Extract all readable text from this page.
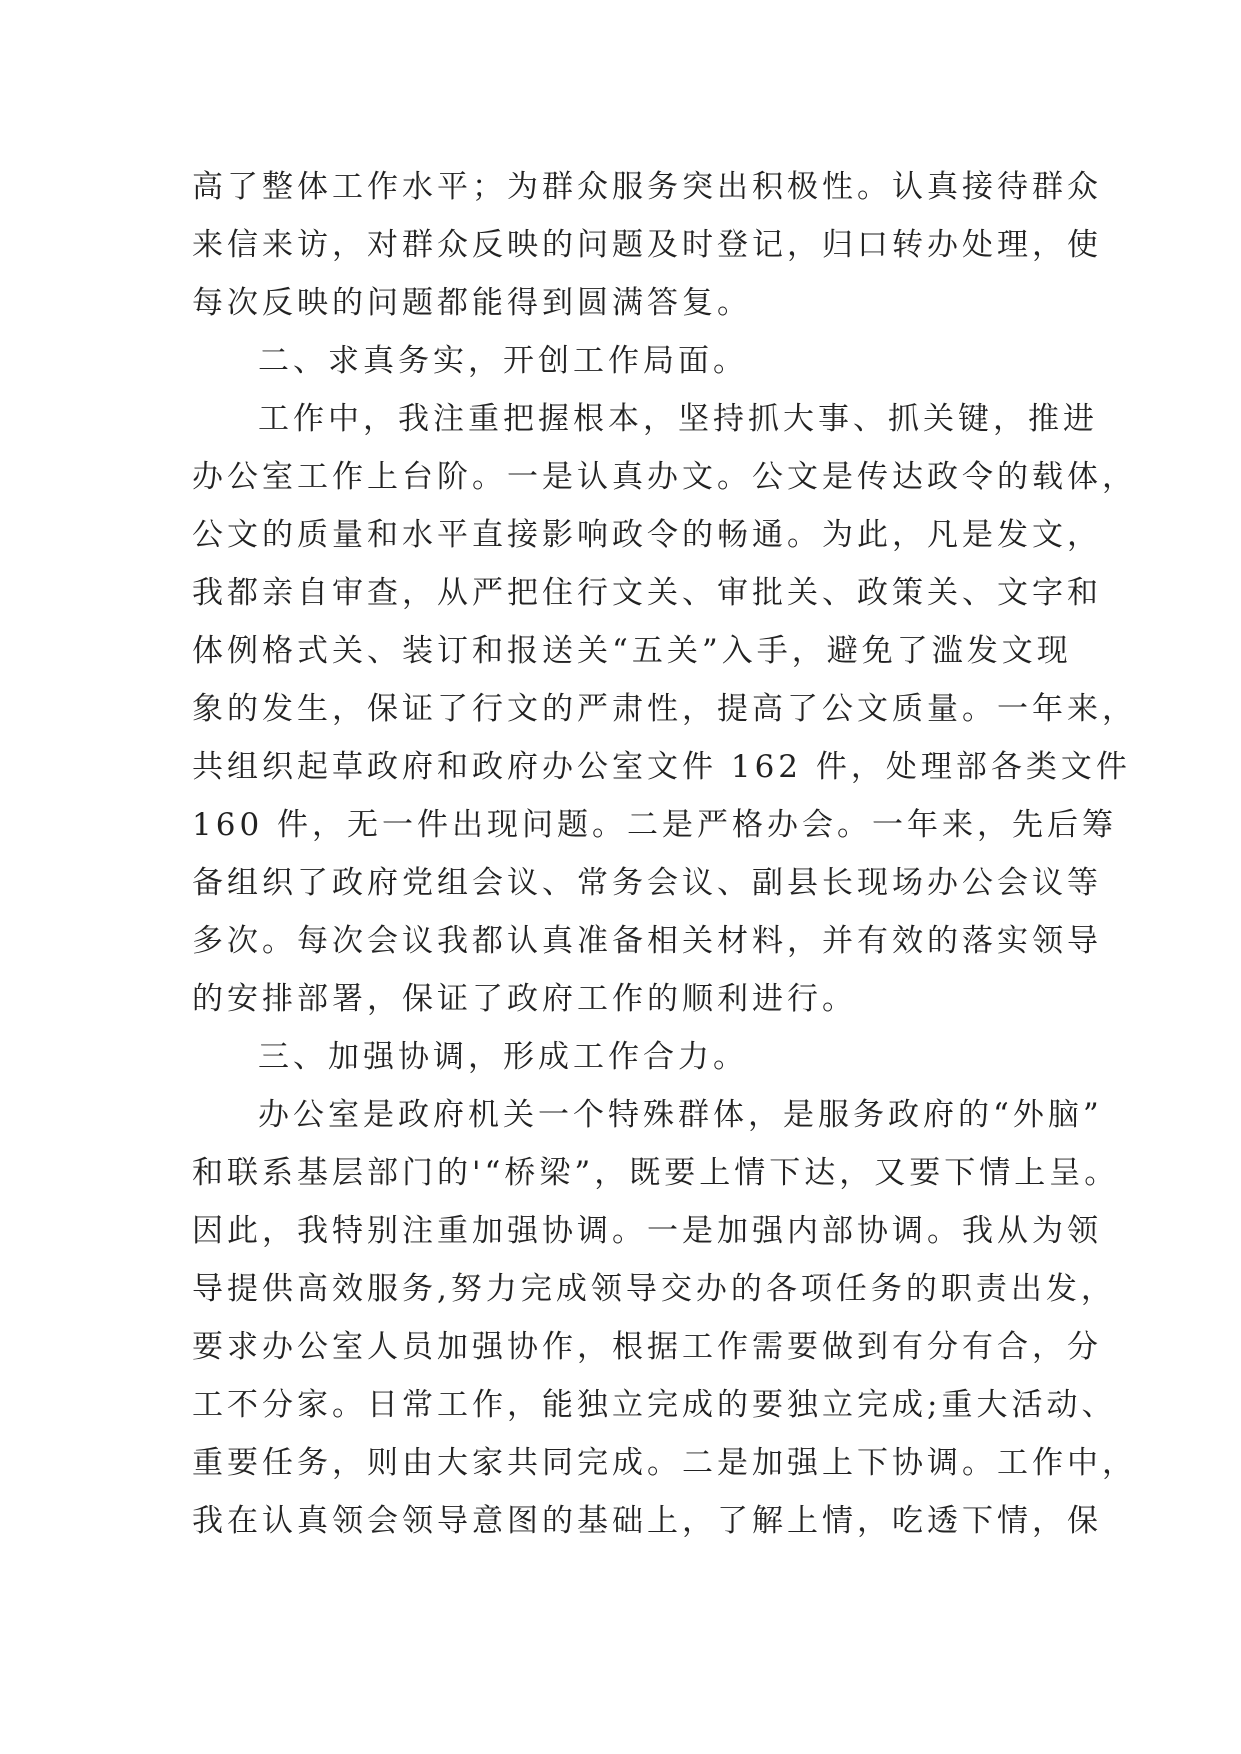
高了整体工作水平；为群众服务突出积极性。认真接待群众
来信来访，对群众反映的问题及时登记，归口转办处理，使
每次反映的问题都能得到圆满答复。
二、求真务实，开创工作局面。
工作中，我注重把握根本，坚持抓大事、抓关键，推进
办公室工作上台阶。一是认真办文。公文是传达政令的载体，
公文的质量和水平直接影响政令的畅通。为此，凡是发文，
我都亲自审查，从严把住行文关、审批关、政策关、文字和
体例格式关、装订和报送关“五关”入手，避免了滥发文现
象的发生，保证了行文的严肃性，提高了公文质量。一年来，
共组织起草政府和政府办公室文件 162 件，处理部各类文件
160 件，无一件出现问题。二是严格办会。一年来，先后筹
备组织了政府党组会议、常务会议、副县长现场办公会议等
多次。每次会议我都认真准备相关材料，并有效的落实领导
的安排部署，保证了政府工作的顺利进行。
三、加强协调，形成工作合力。
办公室是政府机关一个特殊群体，是服务政府的“外脑”
和联系基层部门的'“桥梁”，既要上情下达，又要下情上呈。
因此，我特别注重加强协调。一是加强内部协调。我从为领
导提供高效服务,努力完成领导交办的各项任务的职责出发，
要求办公室人员加强协作，根据工作需要做到有分有合，分
工不分家。日常工作，能独立完成的要独立完成;重大活动、
重要任务，则由大家共同完成。二是加强上下协调。工作中，
我在认真领会领导意图的基础上，了解上情，吃透下情，保
